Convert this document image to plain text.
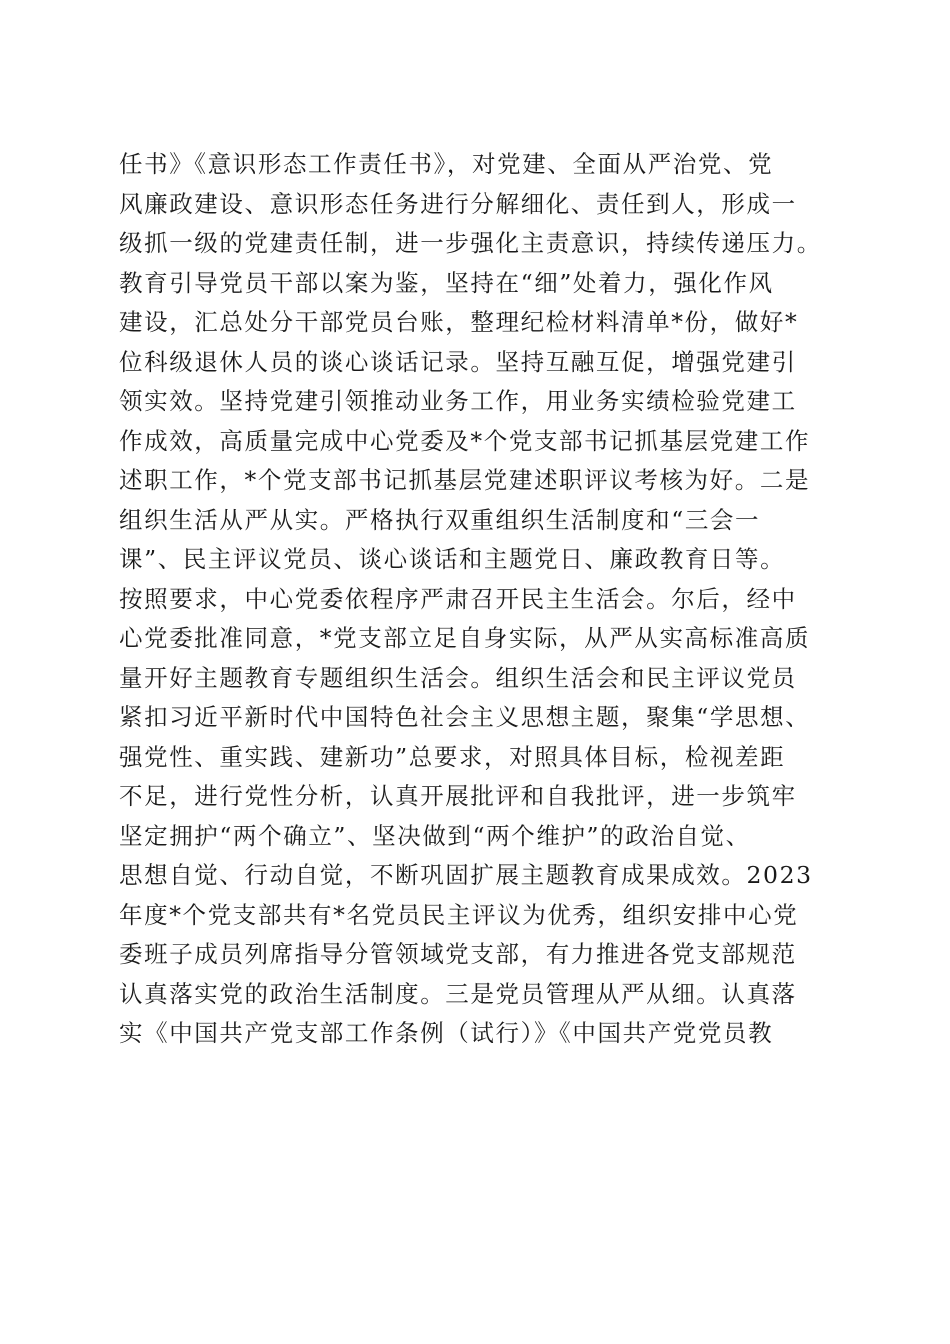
任书》《意识形态工作责任书》，对党建、全面从严治党、党
风廉政建设、意识形态任务进行分解细化、责任到人，形成一
级抓一级的党建责任制，进一步强化主责意识，持续传递压力。
教育引导党员干部以案为鉴，坚持在“细”处着力，强化作风
建设，汇总处分干部党员台账，整理纪检材料清单*份，做好*
位科级退休人员的谈心谈话记录。坚持互融互促，增强党建引
领实效。坚持党建引领推动业务工作，用业务实绩检验党建工
作成效，高质量完成中心党委及*个党支部书记抓基层党建工作
述职工作，*个党支部书记抓基层党建述职评议考核为好。二是
组织生活从严从实。严格执行双重组织生活制度和“三会一
课”、民主评议党员、谈心谈话和主题党日、廉政教育日等。
按照要求，中心党委依程序严肃召开民主生活会。尔后，经中
心党委批准同意，*党支部立足自身实际，从严从实高标准高质
量开好主题教育专题组织生活会。组织生活会和民主评议党员
紧扣习近平新时代中国特色社会主义思想主题，聚集“学思想、
强党性、重实践、建新功”总要求，对照具体目标，检视差距
不足，进行党性分析，认真开展批评和自我批评，进一步筑牢
坚定拥护“两个确立”、坚决做到“两个维护”的政治自觉、
思想自觉、行动自觉，不断巩固扩展主题教育成果成效。2023
年度*个党支部共有*名党员民主评议为优秀，组织安排中心党
委班子成员列席指导分管领域党支部，有力推进各党支部规范
认真落实党的政治生活制度。三是党员管理从严从细。认真落
实《中国共产党支部工作条例（试行）》《中国共产党党员教
